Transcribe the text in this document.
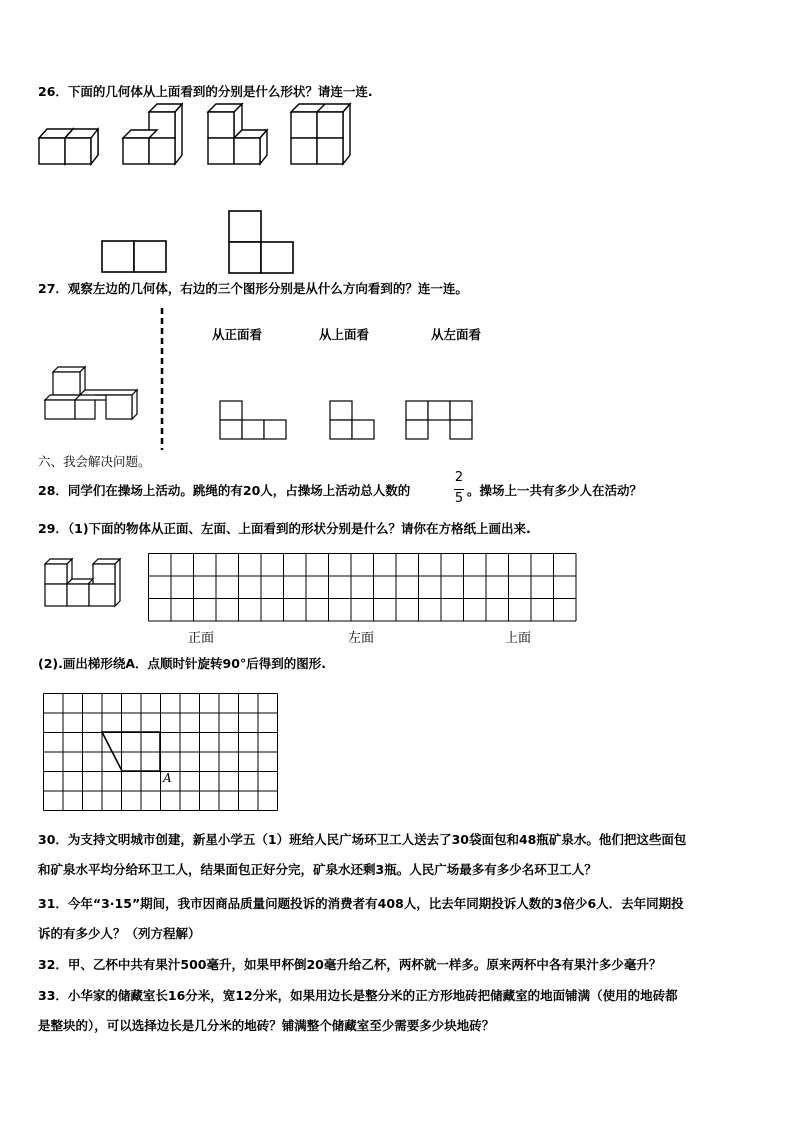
26．下面的几何体从上面看到的分别是什么形状？请连一连.
27．观察左边的几何体，右边的三个图形分别是从什么方向看到的？连一连。
从正面看	从上面看	从左面看
六、我会解决问题。
28．同学们在操场上活动。跳绳的有20人，占操场上活动总人数的
2
5
。操场上一共有多少人在活动？
29．（1)下面的物体从正面、左面、上面看到的形状分别是什么？请你在方格纸上画出来.
正面	左面	上面
(2).画出梯形绕A．点顺时针旋转90°后得到的图形.
A
30．为支持文明城市创建，新星小学五（1）班给人民广场环卫工人送去了30袋面包和48瓶矿泉水。他们把这些面包
和矿泉水平均分给环卫工人，结果面包正好分完，矿泉水还剩3瓶。人民广场最多有多少名环卫工人？
31．今年“3·15”期间，我市因商品质量问题投诉的消费者有408人，比去年同期投诉人数的3倍少6人．去年同期投
诉的有多少人？（列方程解）
32．甲、乙杯中共有果汁500毫升，如果甲杯倒20毫升给乙杯，两杯就一样多。原来两杯中各有果汁多少毫升？
33．小华家的储藏室长16分米，宽12分米，如果用边长是整分米的正方形地砖把储藏室的地面铺满（使用的地砖都
是整块的），可以选择边长是几分米的地砖？铺满整个储藏室至少需要多少块地砖？
